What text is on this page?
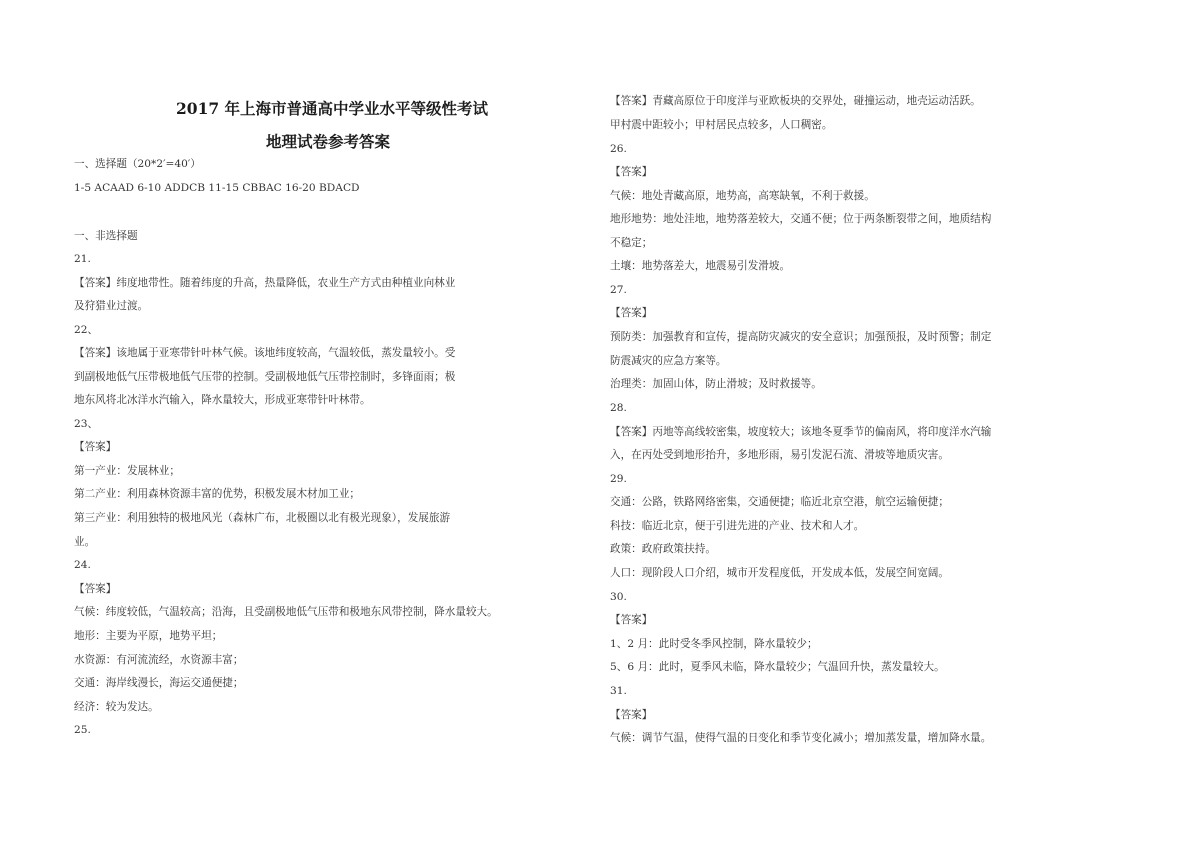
2017 年上海市普通高中学业水平等级性考试
地理试卷参考答案
一、选择题（20*2′=40′）
1-5 ACAAD 6-10 ADDCB 11-15 CBBAC 16-20 BDACD
一、非选择题
21.
【答案】纬度地带性。随着纬度的升高，热量降低，农业生产方式由种植业向林业
及狩猎业过渡。
22、
【答案】该地属于亚寒带针叶林气候。该地纬度较高，气温较低，蒸发量较小。受
到副极地低气压带极地低气压带的控制。受副极地低气压带控制时，多锋面雨；极
地东风将北冰洋水汽输入，降水量较大，形成亚寒带针叶林带。
23、
【答案】
第一产业：发展林业；
第二产业：利用森林资源丰富的优势，积极发展木材加工业；
第三产业：利用独特的极地风光（森林广布，北极圈以北有极光现象），发展旅游
业。
24.
【答案】
气候：纬度较低，气温较高；沿海，且受副极地低气压带和极地东风带控制，降水量较大。
地形：主要为平原，地势平坦；
水资源：有河流流经，水资源丰富；
交通：海岸线漫长，海运交通便捷；
经济：较为发达。
25.
【答案】青藏高原位于印度洋与亚欧板块的交界处，碰撞运动，地壳运动活跃。
甲村震中距较小；甲村居民点较多，人口稠密。
26.
【答案】
气候：地处青藏高原，地势高，高寒缺氧，不利于救援。
地形地势：地处洼地，地势落差较大，交通不便；位于两条断裂带之间，地质结构
不稳定；
土壤：地势落差大，地震易引发滑坡。
27.
【答案】
预防类：加强教育和宣传，提高防灾减灾的安全意识；加强预报，及时预警；制定
防震减灾的应急方案等。
治理类：加固山体，防止滑坡；及时救援等。
28.
【答案】丙地等高线较密集，坡度较大；该地冬夏季节的偏南风，将印度洋水汽输
入，在丙处受到地形抬升，多地形雨，易引发泥石流、滑坡等地质灾害。
29.
交通：公路，铁路网络密集，交通便捷；临近北京空港，航空运输便捷；
科技：临近北京，便于引进先进的产业、技术和人才。
政策：政府政策扶持。
人口：现阶段人口介绍，城市开发程度低，开发成本低，发展空间宽阔。
30.
【答案】
1、2 月：此时受冬季风控制，降水量较少；
5、6 月：此时，夏季风未临，降水量较少；气温回升快，蒸发量较大。
31.
【答案】
气候：调节气温，使得气温的日变化和季节变化减小；增加蒸发量，增加降水量。
